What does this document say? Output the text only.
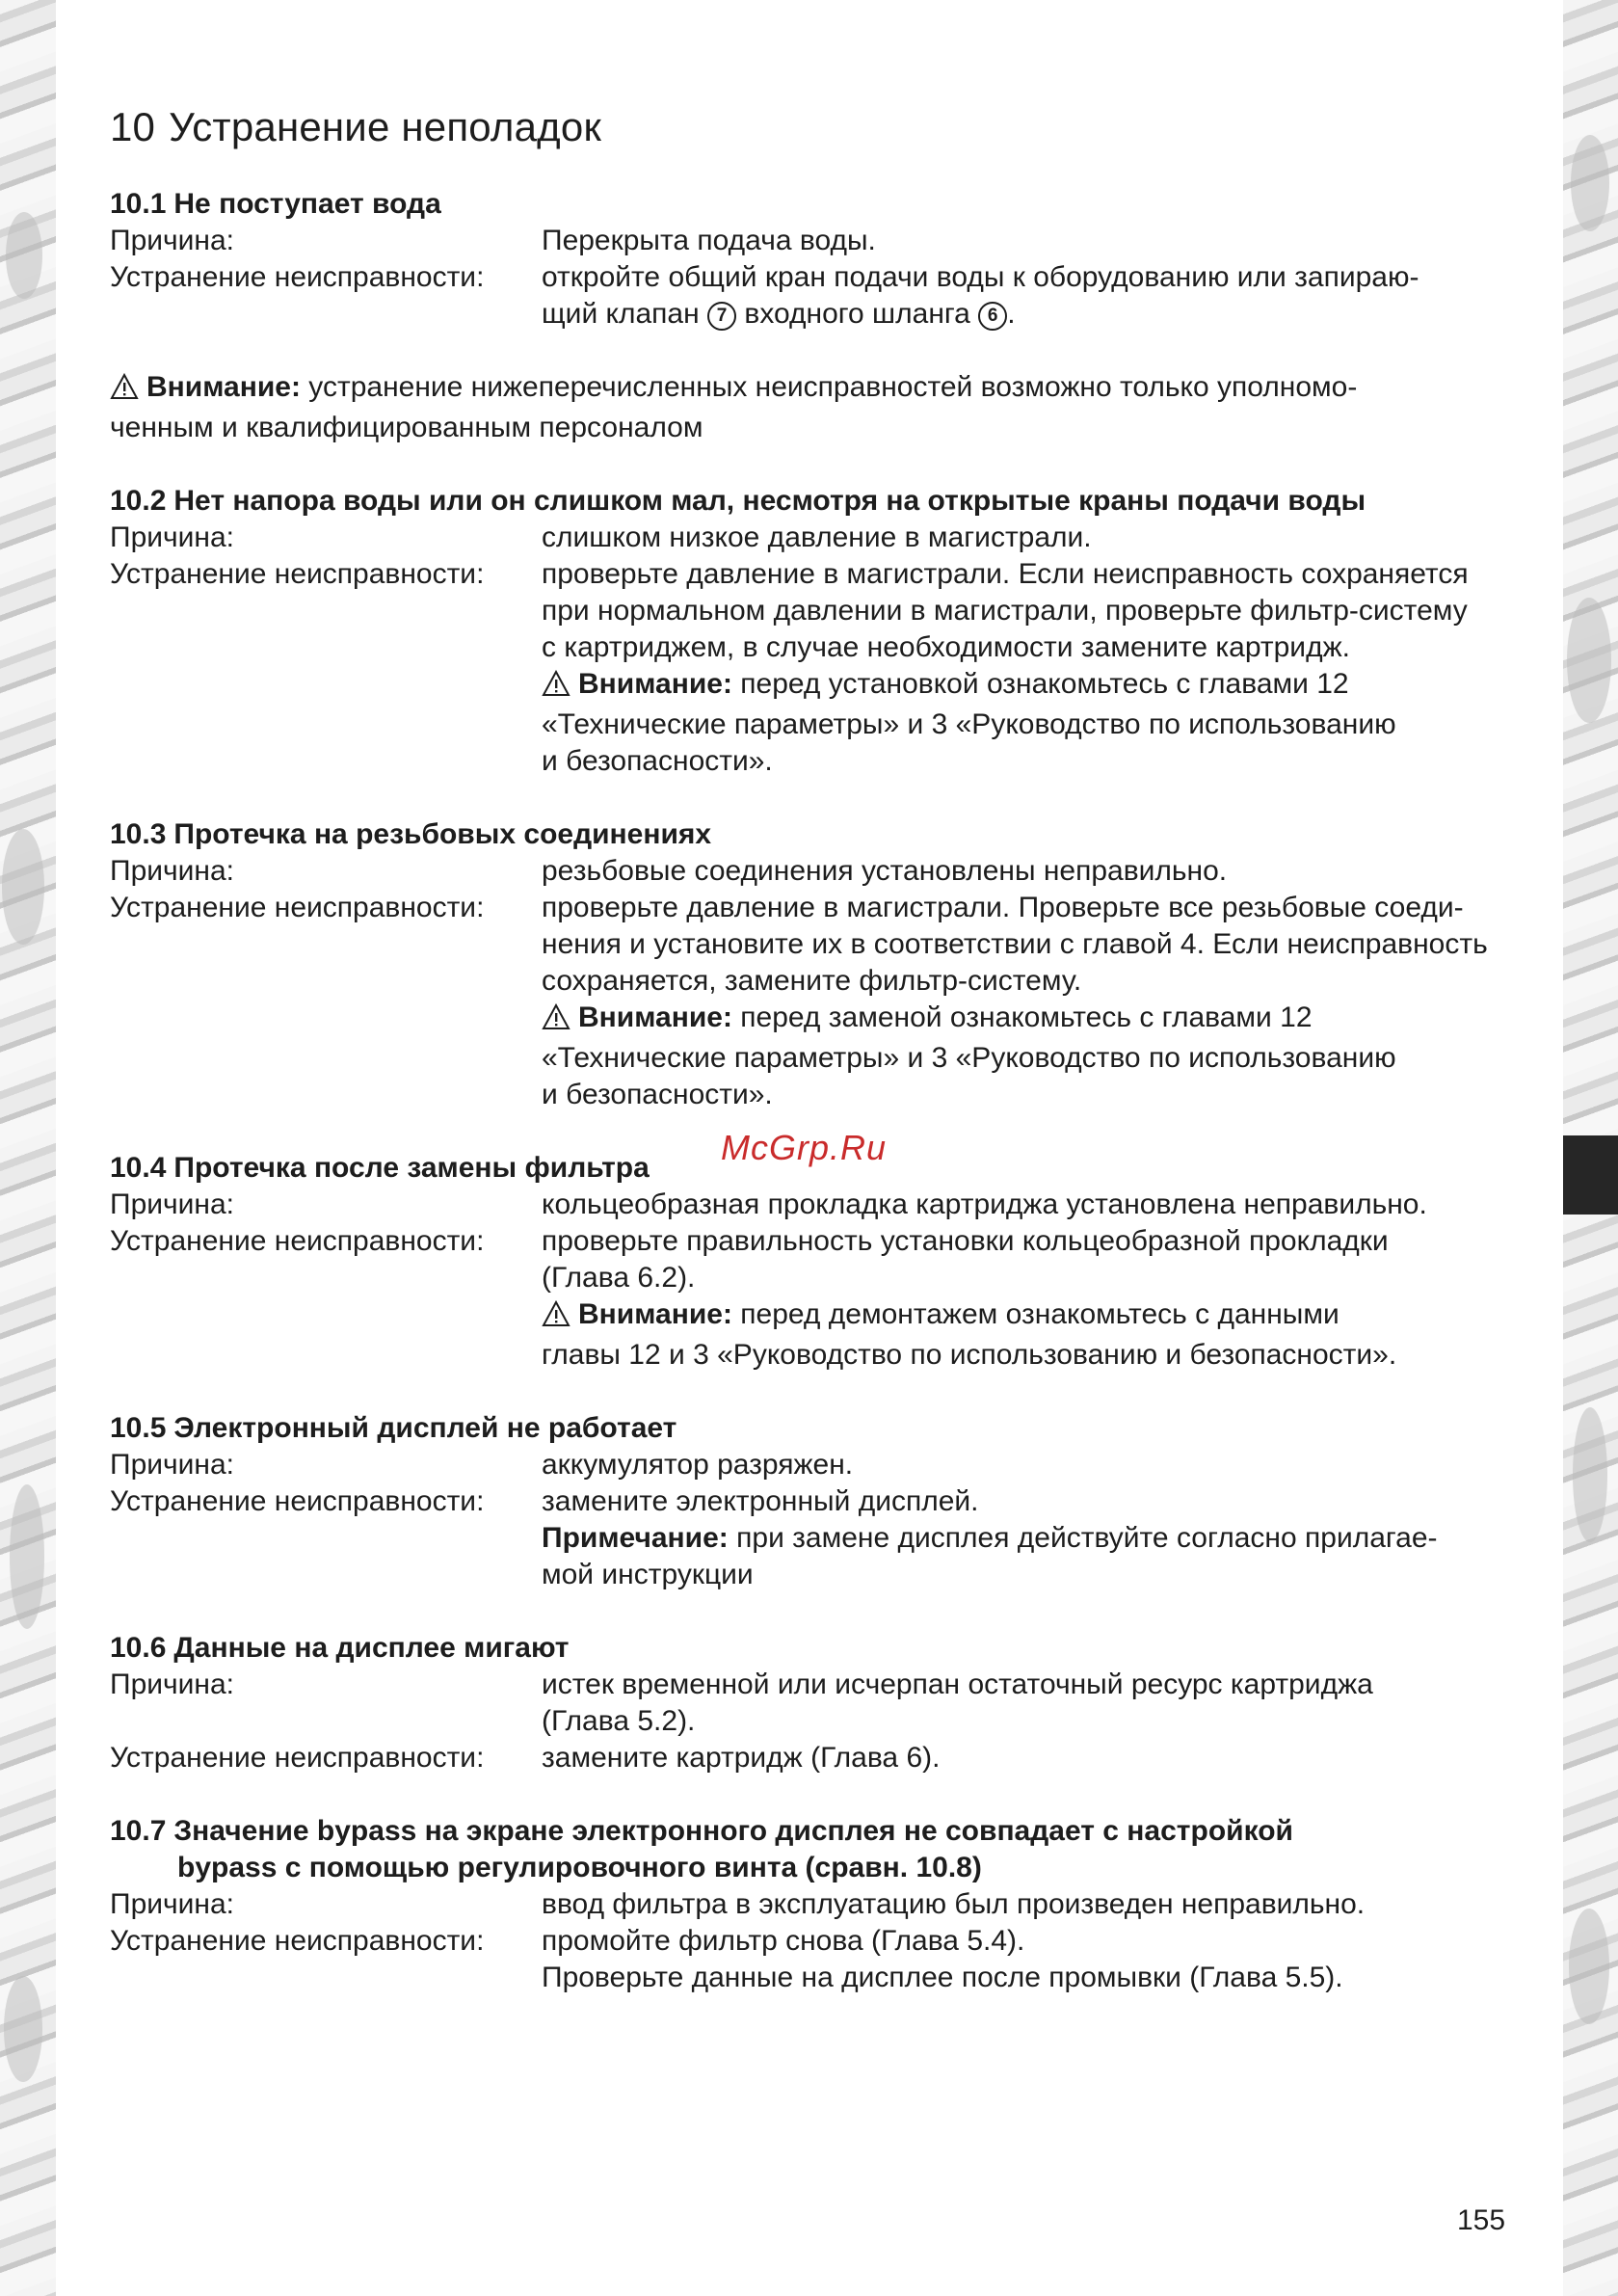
10 Устранение неполадок
10.1 Не поступает вода
Причина:	Перекрыта подача воды.
Устранение неисправности:	откройте общий кран подачи воды к оборудованию или запираю-
щий клапан 7 входного шланга 6 .
Внимание: устранение нижеперечисленных неисправностей возможно только уполномо-
ченным и квалифицированным персоналом
10.2 Нет напора воды или он слишком мал, несмотря на открытые краны подачи воды
Причина:	слишком низкое давление в магистрали.
Устранение неисправности:	проверьте давление в магистрали. Если неисправность сохраняется
при нормальном давлении в магистрали, проверьте фильтр-систему
с картриджем, в случае необходимости замените картридж.
Внимание: перед установкой ознакомьтесь с главами 12
«Технические параметры» и 3 «Руководство по использованию
и безопасности».
10.3 Протечка на резьбовых соединениях
Причина:	резьбовые соединения установлены неправильно.
Устранение неисправности:	проверьте давление в магистрали. Проверьте все резьбовые соеди-
нения и установите их в соответствии с главой 4. Если неисправность
сохраняется, замените фильтр-систему.
Внимание: перед заменой ознакомьтесь с главами 12
«Технические параметры» и 3 «Руководство по использованию
и безопасности».
10.4 Протечка после замены фильтра
Причина:	кольцеобразная прокладка картриджа установлена неправильно.
Устранение неисправности:	проверьте правильность установки кольцеобразной прокладки
(Глава 6.2).
Внимание: перед демонтажем ознакомьтесь с данными
главы 12 и 3 «Руководство по использованию и безопасности».
10.5 Электронный дисплей не работает
Причина:	аккумулятор разряжен.
Устранение неисправности:	замените электронный дисплей.
Примечание: при замене дисплея действуйте согласно прилагае-
мой инструкции
10.6 Данные на дисплее мигают
Причина:	истек временной или исчерпан остаточный ресурс картриджа
(Глава 5.2).
Устранение неисправности:	замените картридж (Глава 6).
10.7 Значение bypass на экране электронного дисплея не совпадает с настройкой
bypass с помощью регулировочного винта (сравн. 10.8)
Причина:	ввод фильтра в эксплуатацию был произведен неправильно.
Устранение неисправности:	промойте фильтр снова (Глава 5.4).
Проверьте данные на дисплее после промывки (Глава 5.5).
McGrp.Ru
155
